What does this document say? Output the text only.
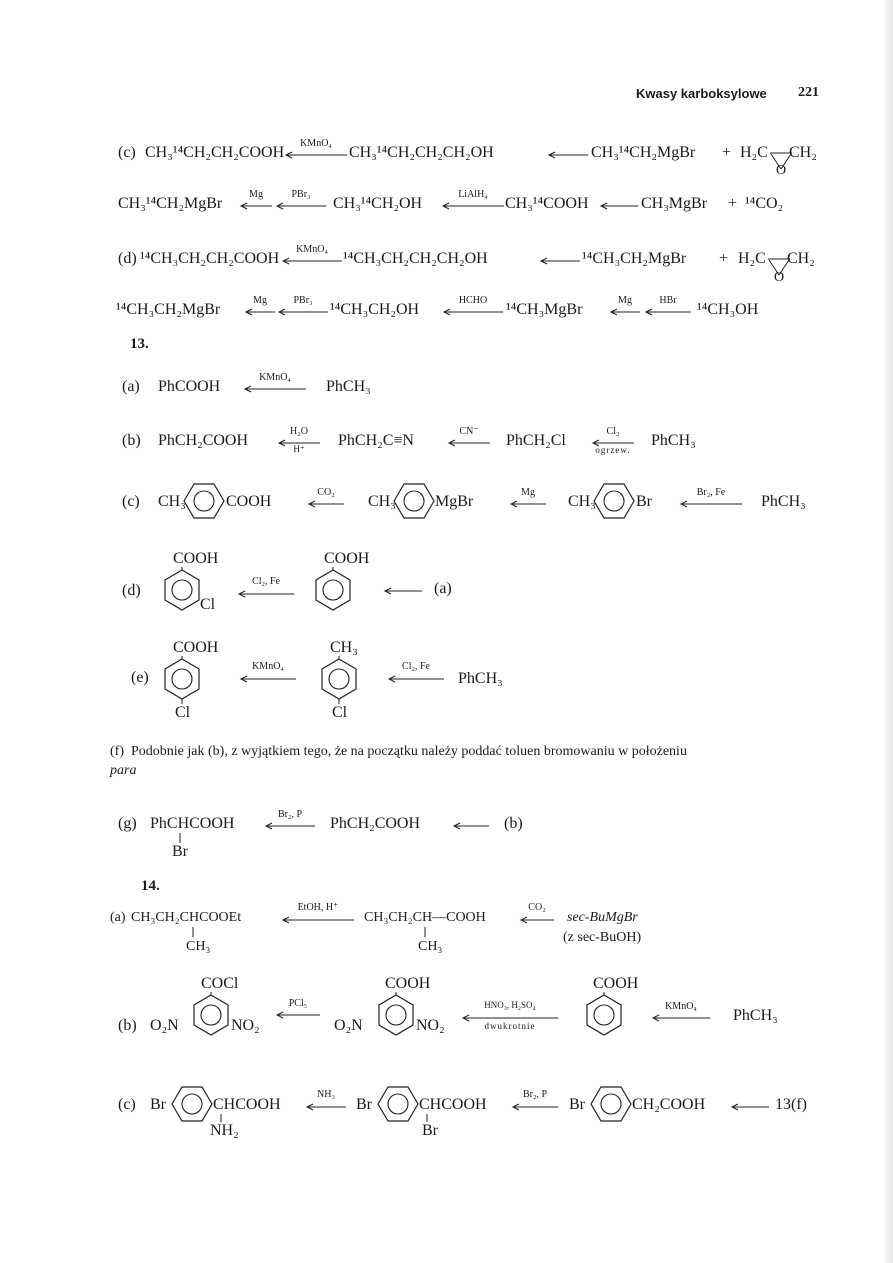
Kwasy karboksylowe 221
(c) CH₃¹⁴CH₂CH₂COOH
KMnO₄
CH₃¹⁴CH₂CH₂CH₂OH	CH₃¹⁴CH₂MgBr + H₂C CH₂
O
CH₃¹⁴CH₂MgBr
Mg	PBr₃
CH₃¹⁴CH₂OH
LiAlH₄
CH₃¹⁴COOH	CH₃MgBr + ¹⁴CO₂
(d) ¹⁴CH₃CH₂CH₂COOH
KMnO₄
¹⁴CH₃CH₂CH₂CH₂OH	¹⁴CH₃CH₂MgBr + H₂C CH₂
O
¹⁴CH₃CH₂MgBr
Mg	PBr₃
¹⁴CH₃CH₂OH
HCHO
¹⁴CH₃MgBr
Mg	HBr
¹⁴CH₃OH
13.
(a) PhCOOH
KMnO₄
PhCH₃
(b) PhCH₂COOH
H₂O
H⁺	PhCH₂C≡N
CN⁻
PhCH₂Cl
Cl₂
ogrzew.
PhCH₃
(c) CH₃	COOH
CO₂
CH₃ MgBr
Mg
CH₃	Br
Br₂, Fe
PhCH₃
(d)
COOH
Cl
Cl₂, Fe
COOH
(a)
(e)
COOH
Cl
KMnO₄
CH₃
Cl
Cl₂, Fe
PhCH₃
(f) Podobnie jak (b), z wyjątkiem tego, że na początku należy poddać toluen bromowaniu w położeniu
para
(g) PhCHCOOH
Br
Br₂, P
PhCH₂COOH	(b)
14.
(a) CH₃CH₂CHCOOEt
CH₃
EtOH, H⁺
CH₃CH₂CH—COOH
CH₃
CO₂
sec-BuMgBr
(z sec-BuOH)
(b)
COCl
O₂N	NO₂
PCl₅
COOH
O₂N	NO₂
HNO₃, H₂SO₄
dwukrotnie
COOH
KMnO₄
PhCH₃
(c) Br	CHCOOH
NH₂
NH₃
Br	CHCOOH
Br
Br₂, P
Br	CH₂COOH	13(f)
